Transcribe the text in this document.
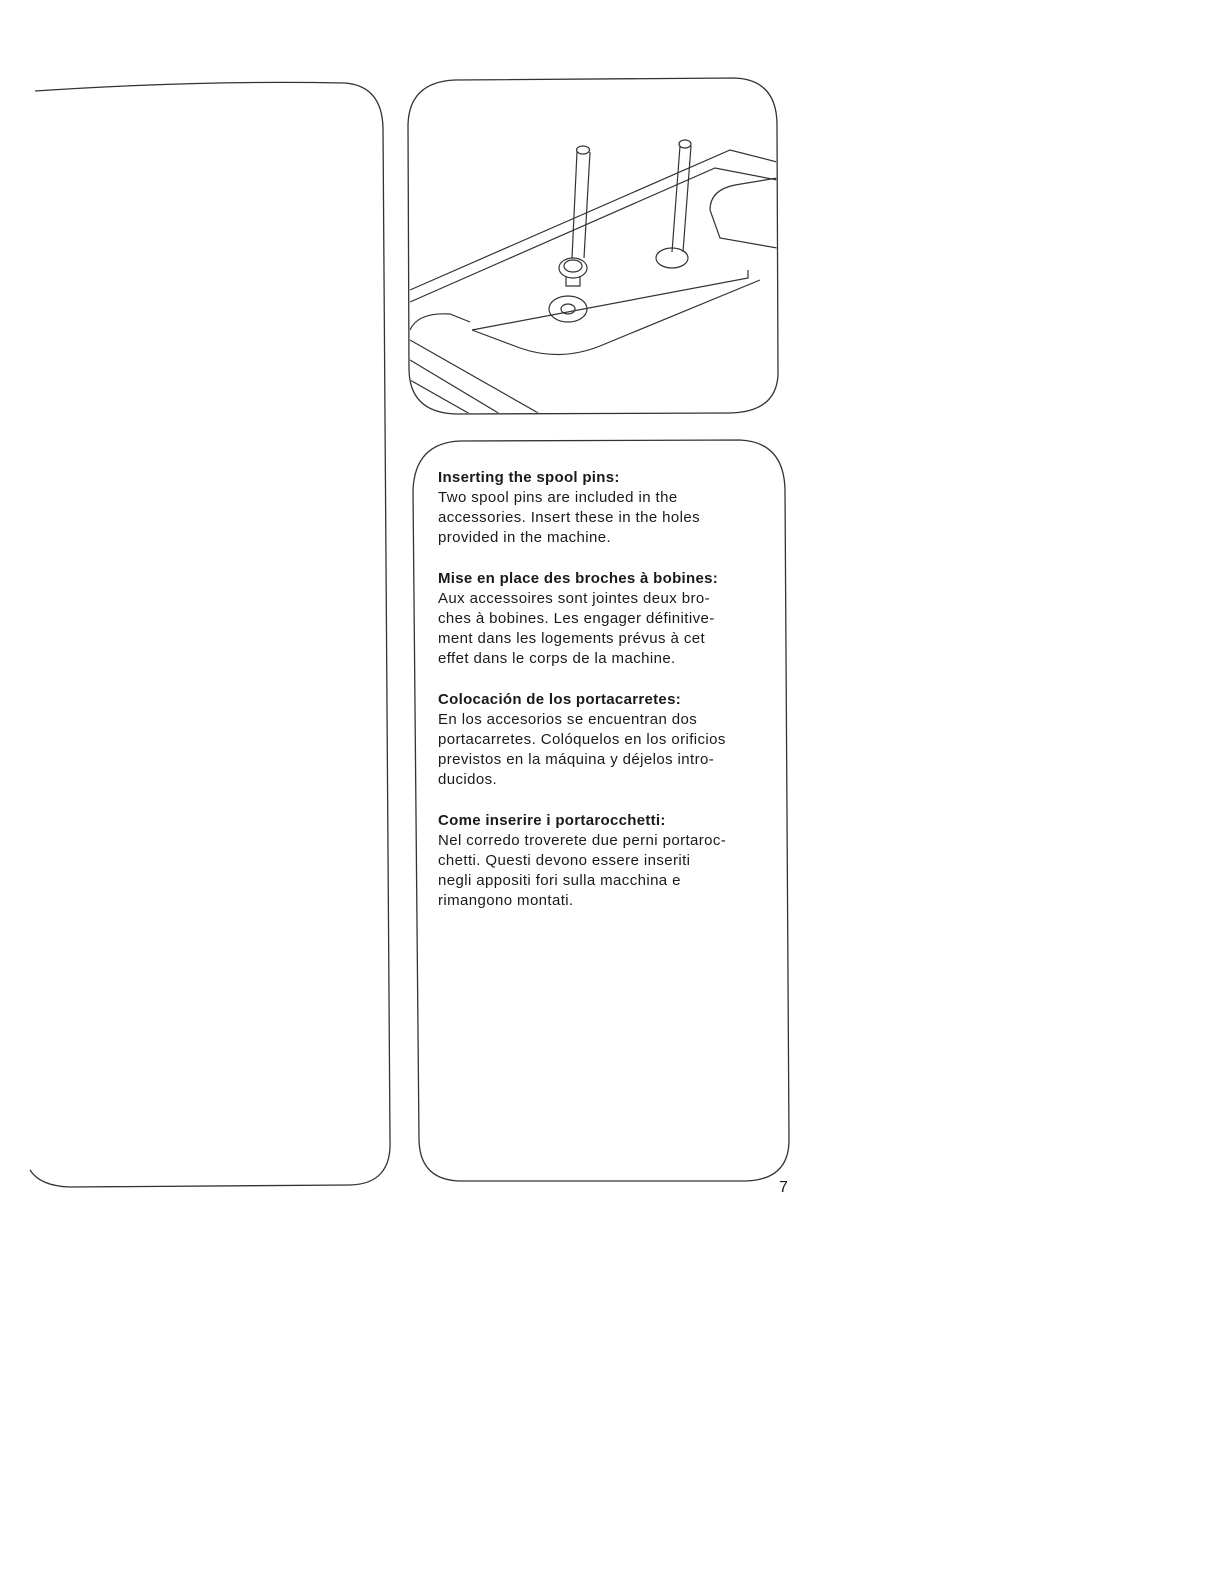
Inserting the spool pins:
Two spool pins are included in the
accessories. Insert these in the holes
provided in the machine.
Mise en place des broches à bobines:
Aux accessoires sont jointes deux bro-
ches à bobines. Les engager définitive-
ment dans les logements prévus à cet
effet dans le corps de la machine.
Colocación de los portacarretes:
En los accesorios se encuentran dos
portacarretes. Colóquelos en los orificios
previstos en la máquina y déjelos intro-
ducidos.
Come inserire i portarocchetti:
Nel corredo troverete due perni portaroc-
chetti. Questi devono essere inseriti
negli appositi fori sulla macchina e
rimangono montati.
7
